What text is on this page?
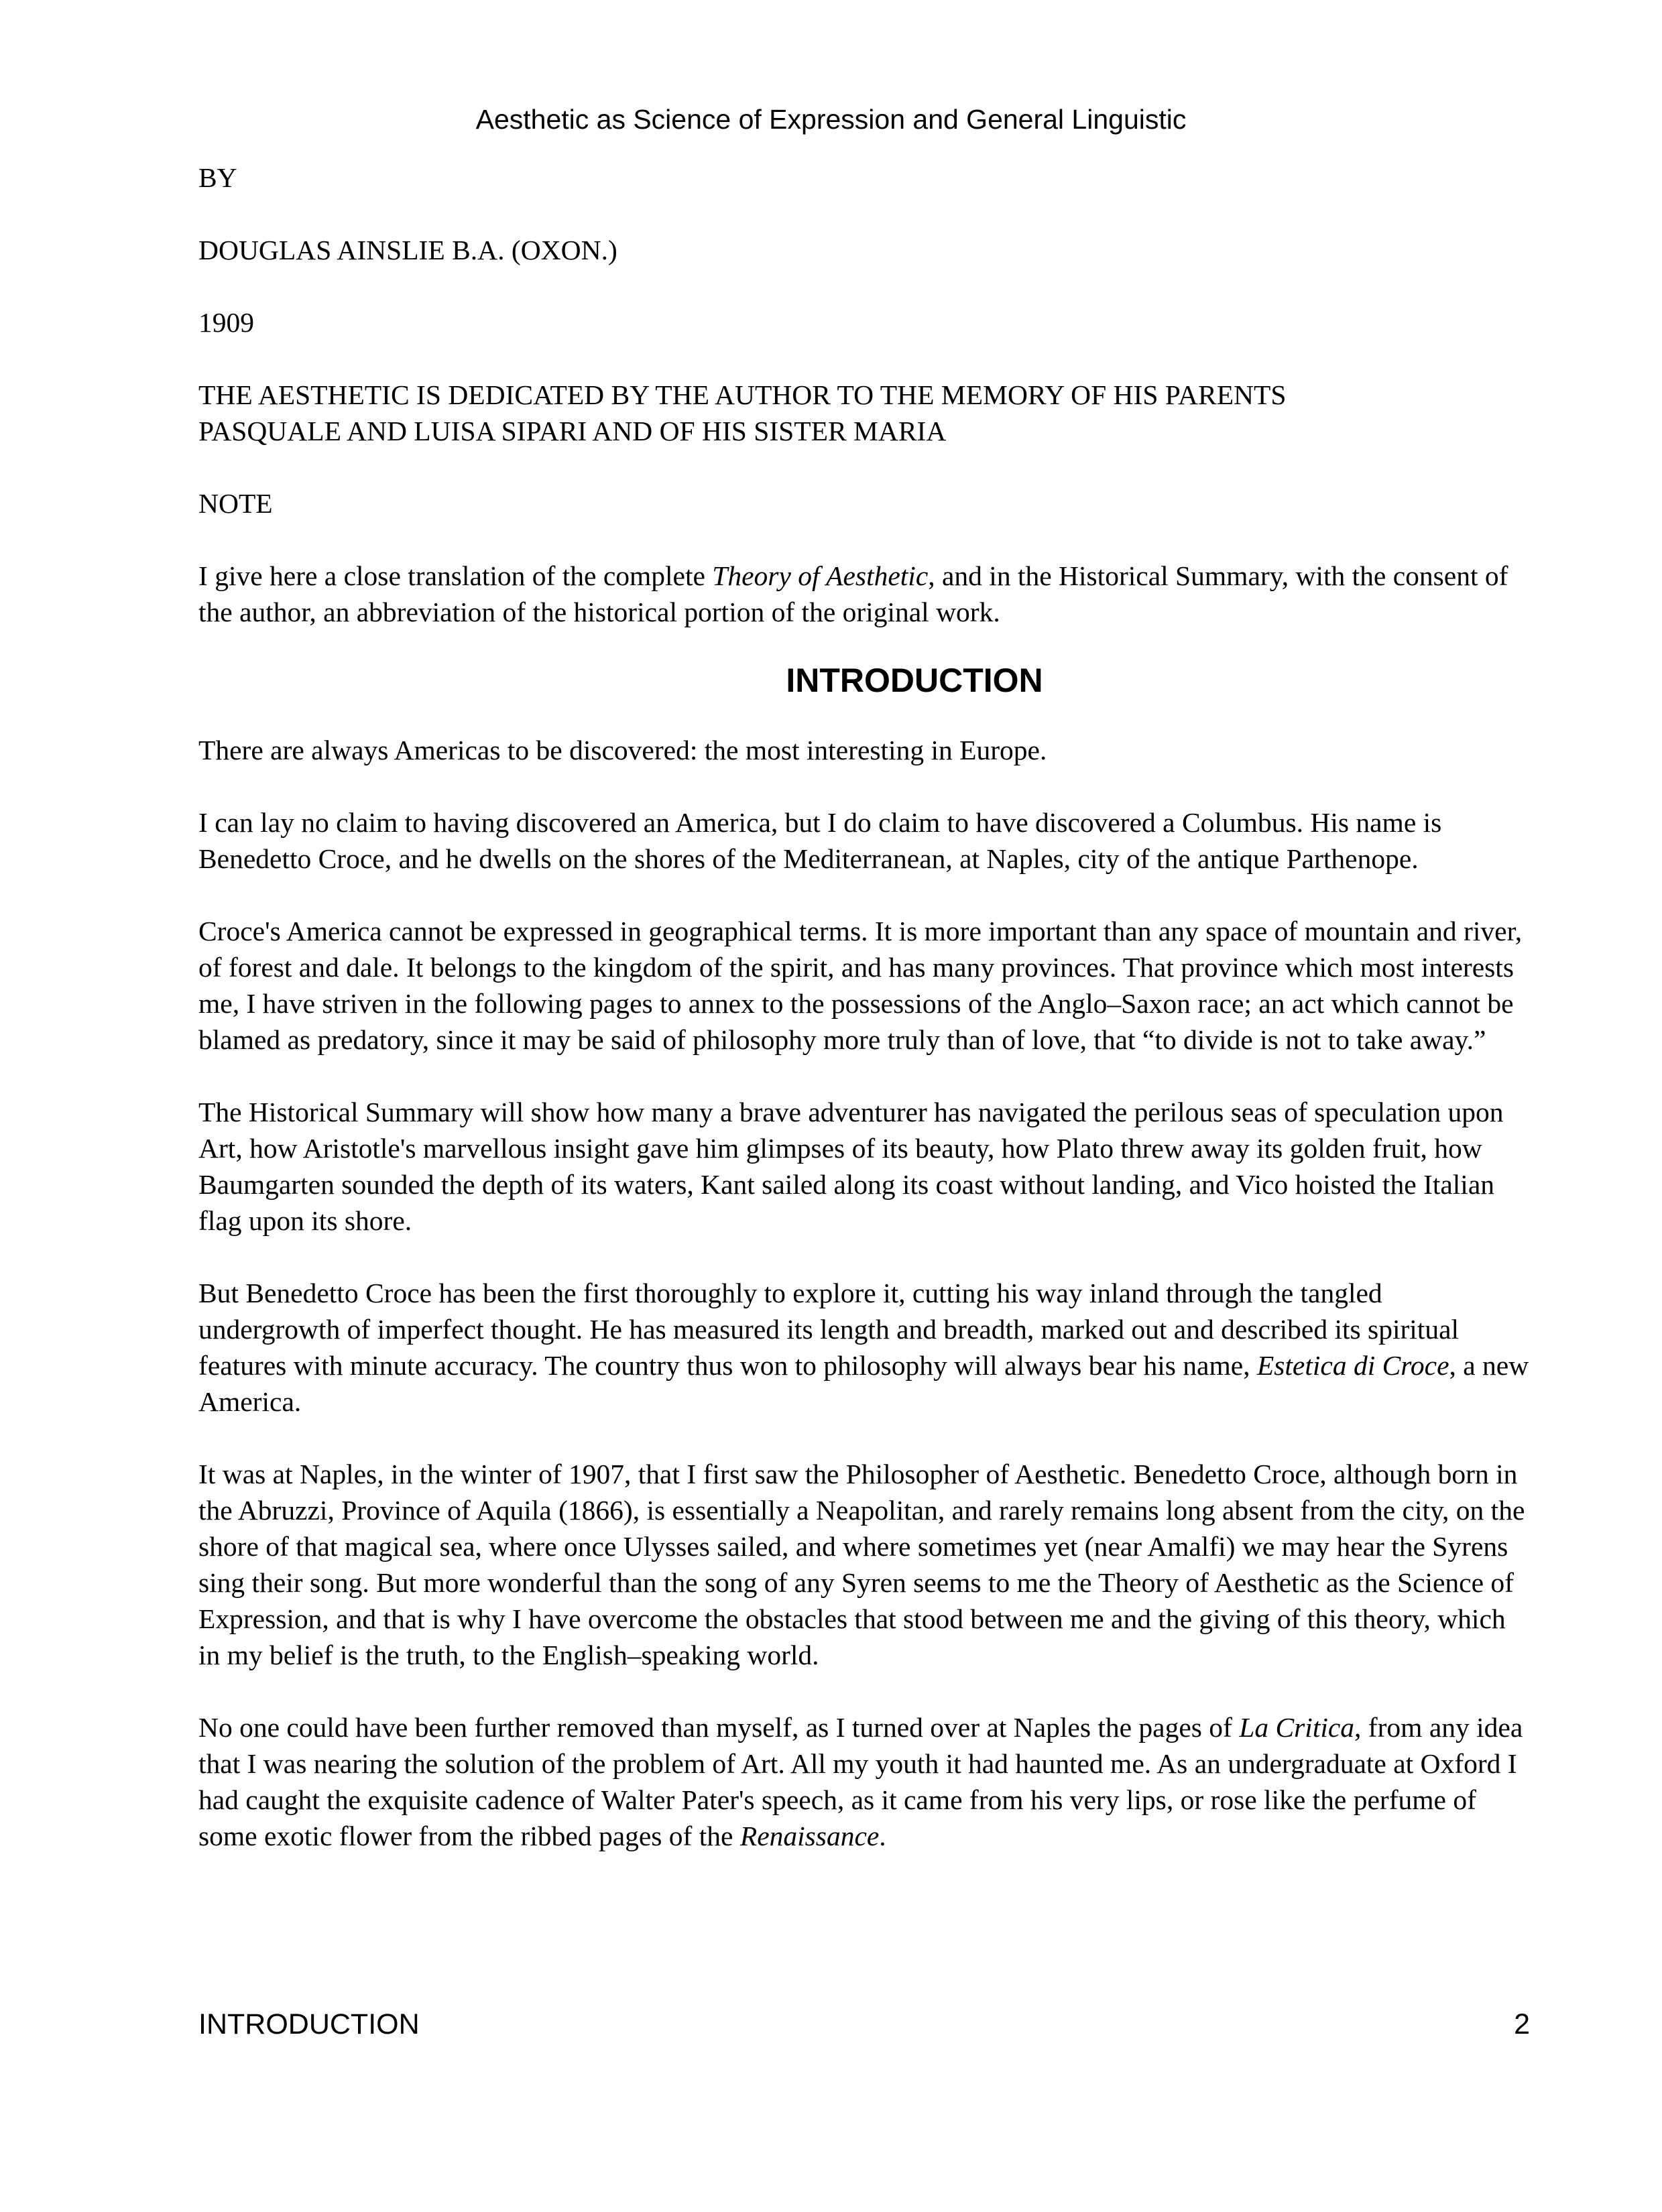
Aesthetic as Science of Expression and General Linguistic

BY

DOUGLAS AINSLIE B.A. (OXON.)

1909

THE AESTHETIC IS DEDICATED BY THE AUTHOR TO THE MEMORY OF HIS PARENTS
PASQUALE AND LUISA SIPARI AND OF HIS SISTER MARIA

NOTE

I give here a close translation of the complete Theory of Aesthetic, and in the Historical Summary, with the consent of the author, an abbreviation of the historical portion of the original work.

INTRODUCTION

There are always Americas to be discovered: the most interesting in Europe.

I can lay no claim to having discovered an America, but I do claim to have discovered a Columbus. His name is Benedetto Croce, and he dwells on the shores of the Mediterranean, at Naples, city of the antique Parthenope.

Croce's America cannot be expressed in geographical terms. It is more important than any space of mountain and river, of forest and dale. It belongs to the kingdom of the spirit, and has many provinces. That province which most interests me, I have striven in the following pages to annex to the possessions of the Anglo–Saxon race; an act which cannot be blamed as predatory, since it may be said of philosophy more truly than of love, that “to divide is not to take away.”

The Historical Summary will show how many a brave adventurer has navigated the perilous seas of speculation upon Art, how Aristotle's marvellous insight gave him glimpses of its beauty, how Plato threw away its golden fruit, how Baumgarten sounded the depth of its waters, Kant sailed along its coast without landing, and Vico hoisted the Italian flag upon its shore.

But Benedetto Croce has been the first thoroughly to explore it, cutting his way inland through the tangled undergrowth of imperfect thought. He has measured its length and breadth, marked out and described its spiritual features with minute accuracy. The country thus won to philosophy will always bear his name, Estetica di Croce, a new America.

It was at Naples, in the winter of 1907, that I first saw the Philosopher of Aesthetic. Benedetto Croce, although born in the Abruzzi, Province of Aquila (1866), is essentially a Neapolitan, and rarely remains long absent from the city, on the shore of that magical sea, where once Ulysses sailed, and where sometimes yet (near Amalfi) we may hear the Syrens sing their song. But more wonderful than the song of any Syren seems to me the Theory of Aesthetic as the Science of Expression, and that is why I have overcome the obstacles that stood between me and the giving of this theory, which in my belief is the truth, to the English–speaking world.

No one could have been further removed than myself, as I turned over at Naples the pages of La Critica, from any idea that I was nearing the solution of the problem of Art. All my youth it had haunted me. As an undergraduate at Oxford I had caught the exquisite cadence of Walter Pater's speech, as it came from his very lips, or rose like the perfume of some exotic flower from the ribbed pages of the Renaissance.

INTRODUCTION	2
